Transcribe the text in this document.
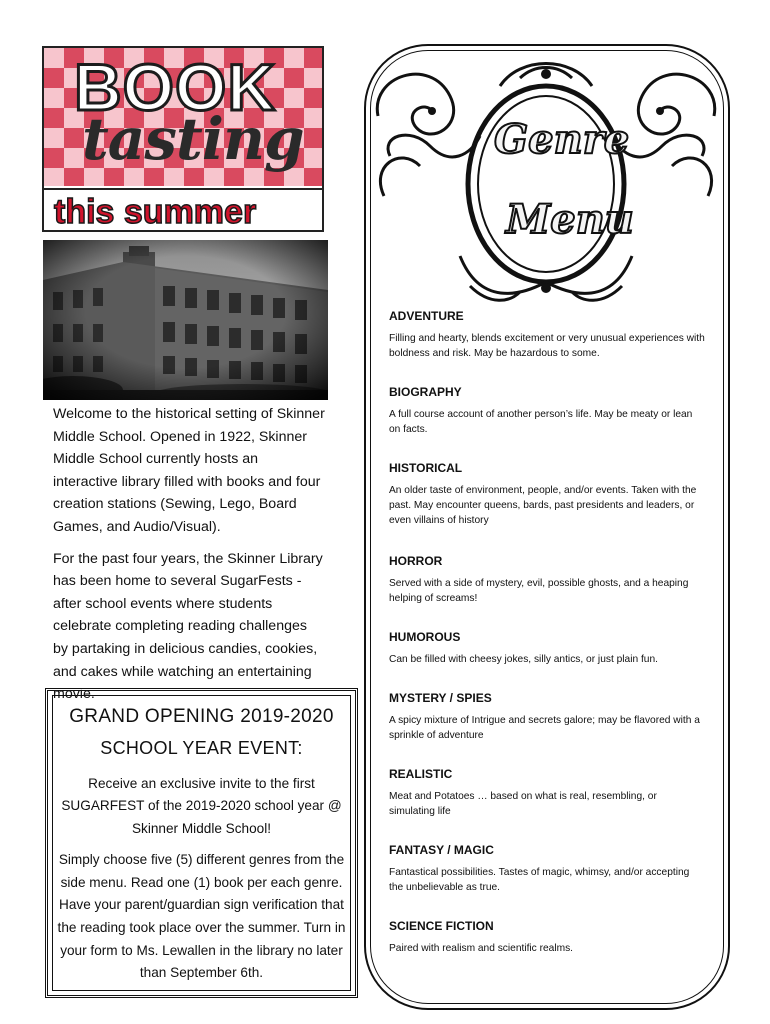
BOOK
tasting
this summer

Welcome to the historical setting of Skinner Middle School. Opened in 1922, Skinner Middle School currently hosts an interactive library filled with books and four creation stations (Sewing, Lego, Board Games, and Audio/Visual).

For the past four years, the Skinner Library has been home to several SugarFests - after school events where students celebrate completing reading challenges by partaking in delicious candies, cookies, and cakes while watching an entertaining movie.

GRAND OPENING 2019-2020
SCHOOL YEAR EVENT:
Receive an exclusive invite to the first SUGARFEST of the 2019-2020 school year @ Skinner Middle School!
Simply choose five (5) different genres from the side menu. Read one (1) book per each genre. Have your parent/guardian sign verification that the reading took place over the summer. Turn in your form to Ms. Lewallen in the library no later than September 6th.
Genre
Menu
ADVENTURE
Filling and hearty, blends excitement or very unusual experiences with boldness and risk. May be hazardous to some.
BIOGRAPHY
A full course account of another person’s life. May be meaty or lean on facts.
HISTORICAL
An older taste of environment, people, and/or events. Taken with the past. May encounter queens, bards, past presidents and leaders, or even villains of history
HORROR
Served with a side of mystery, evil, possible ghosts, and a heaping helping of screams!
HUMOROUS
Can be filled with cheesy jokes, silly antics, or just plain fun.
MYSTERY / SPIES
A spicy mixture of Intrigue and secrets galore; may be flavored with a sprinkle of adventure
REALISTIC
Meat and Potatoes … based on what is real, resembling, or simulating life
FANTASY / MAGIC
Fantastical possibilities. Tastes of magic, whimsy, and/or accepting the unbelievable as true.
SCIENCE FICTION
Paired with realism and scientific realms.
